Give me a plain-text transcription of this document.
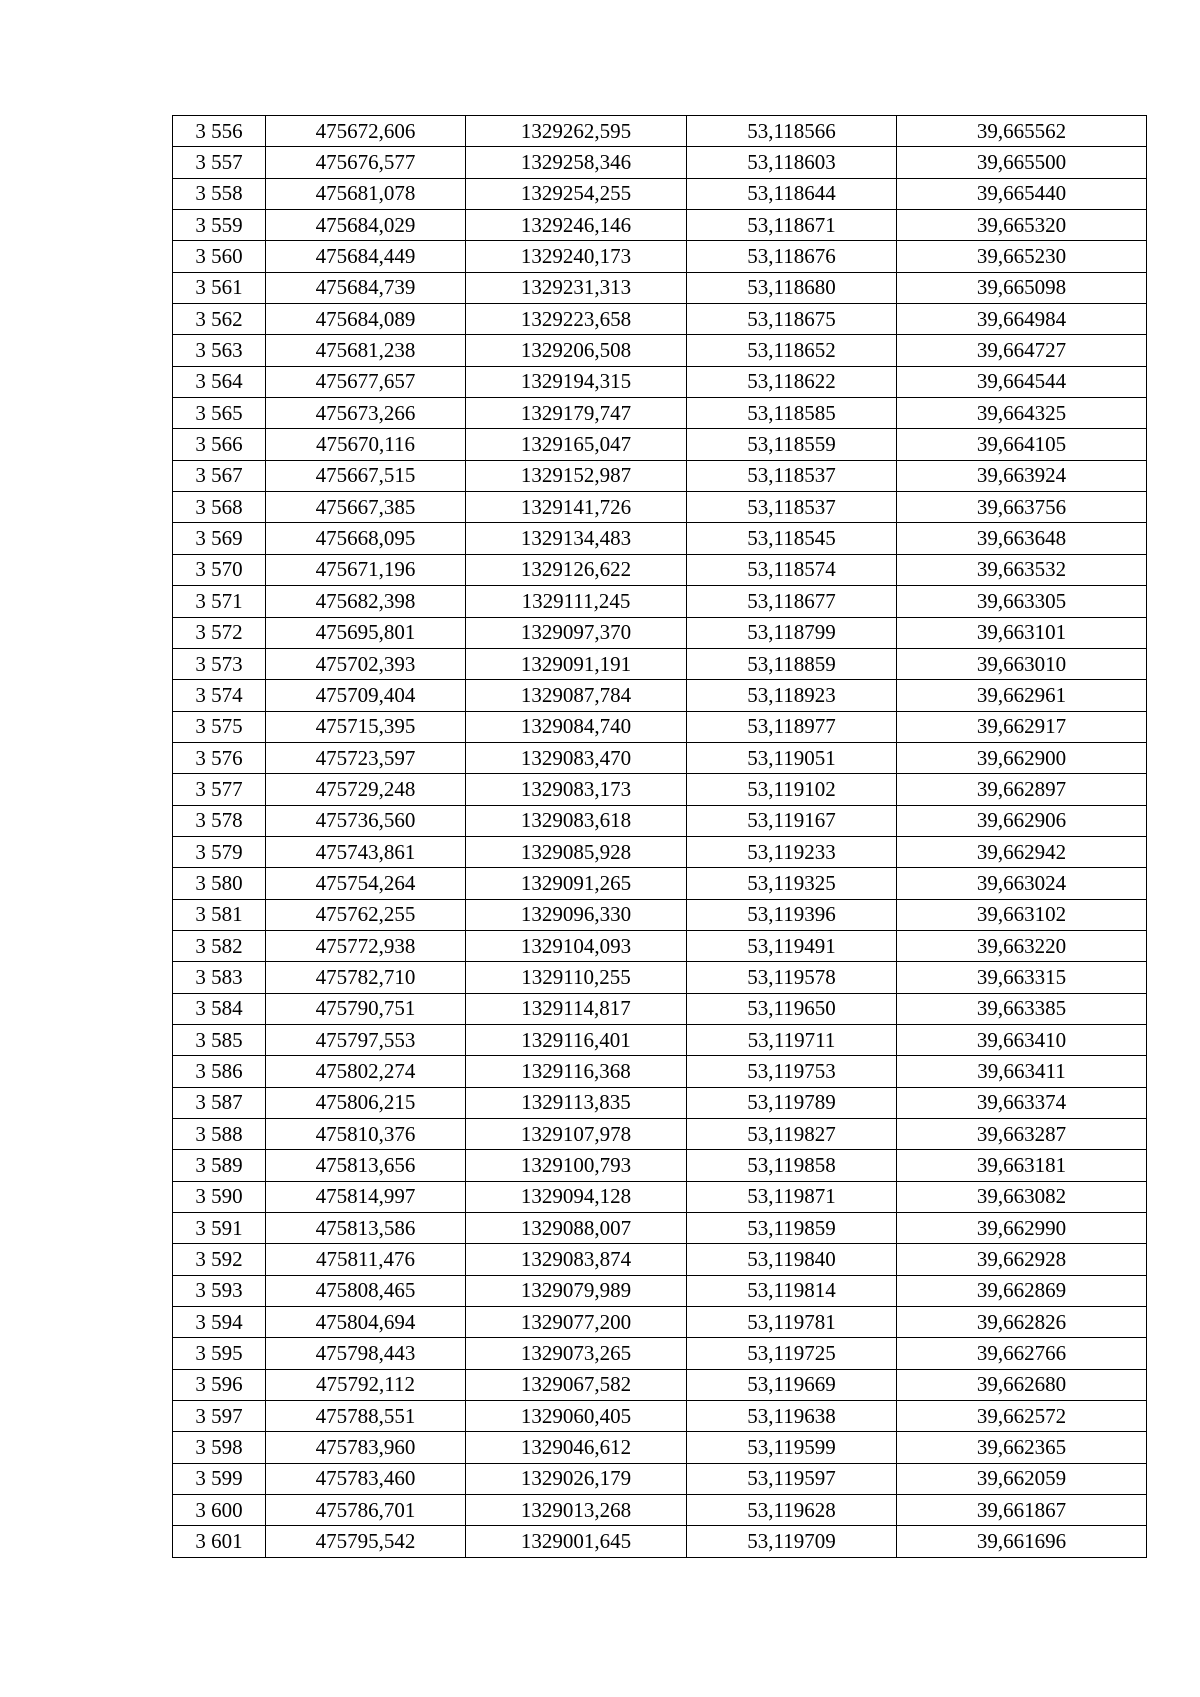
3 556	475672,606	1329262,595	53,118566	39,665562
3 557	475676,577	1329258,346	53,118603	39,665500
3 558	475681,078	1329254,255	53,118644	39,665440
3 559	475684,029	1329246,146	53,118671	39,665320
3 560	475684,449	1329240,173	53,118676	39,665230
3 561	475684,739	1329231,313	53,118680	39,665098
3 562	475684,089	1329223,658	53,118675	39,664984
3 563	475681,238	1329206,508	53,118652	39,664727
3 564	475677,657	1329194,315	53,118622	39,664544
3 565	475673,266	1329179,747	53,118585	39,664325
3 566	475670,116	1329165,047	53,118559	39,664105
3 567	475667,515	1329152,987	53,118537	39,663924
3 568	475667,385	1329141,726	53,118537	39,663756
3 569	475668,095	1329134,483	53,118545	39,663648
3 570	475671,196	1329126,622	53,118574	39,663532
3 571	475682,398	1329111,245	53,118677	39,663305
3 572	475695,801	1329097,370	53,118799	39,663101
3 573	475702,393	1329091,191	53,118859	39,663010
3 574	475709,404	1329087,784	53,118923	39,662961
3 575	475715,395	1329084,740	53,118977	39,662917
3 576	475723,597	1329083,470	53,119051	39,662900
3 577	475729,248	1329083,173	53,119102	39,662897
3 578	475736,560	1329083,618	53,119167	39,662906
3 579	475743,861	1329085,928	53,119233	39,662942
3 580	475754,264	1329091,265	53,119325	39,663024
3 581	475762,255	1329096,330	53,119396	39,663102
3 582	475772,938	1329104,093	53,119491	39,663220
3 583	475782,710	1329110,255	53,119578	39,663315
3 584	475790,751	1329114,817	53,119650	39,663385
3 585	475797,553	1329116,401	53,119711	39,663410
3 586	475802,274	1329116,368	53,119753	39,663411
3 587	475806,215	1329113,835	53,119789	39,663374
3 588	475810,376	1329107,978	53,119827	39,663287
3 589	475813,656	1329100,793	53,119858	39,663181
3 590	475814,997	1329094,128	53,119871	39,663082
3 591	475813,586	1329088,007	53,119859	39,662990
3 592	475811,476	1329083,874	53,119840	39,662928
3 593	475808,465	1329079,989	53,119814	39,662869
3 594	475804,694	1329077,200	53,119781	39,662826
3 595	475798,443	1329073,265	53,119725	39,662766
3 596	475792,112	1329067,582	53,119669	39,662680
3 597	475788,551	1329060,405	53,119638	39,662572
3 598	475783,960	1329046,612	53,119599	39,662365
3 599	475783,460	1329026,179	53,119597	39,662059
3 600	475786,701	1329013,268	53,119628	39,661867
3 601	475795,542	1329001,645	53,119709	39,661696
